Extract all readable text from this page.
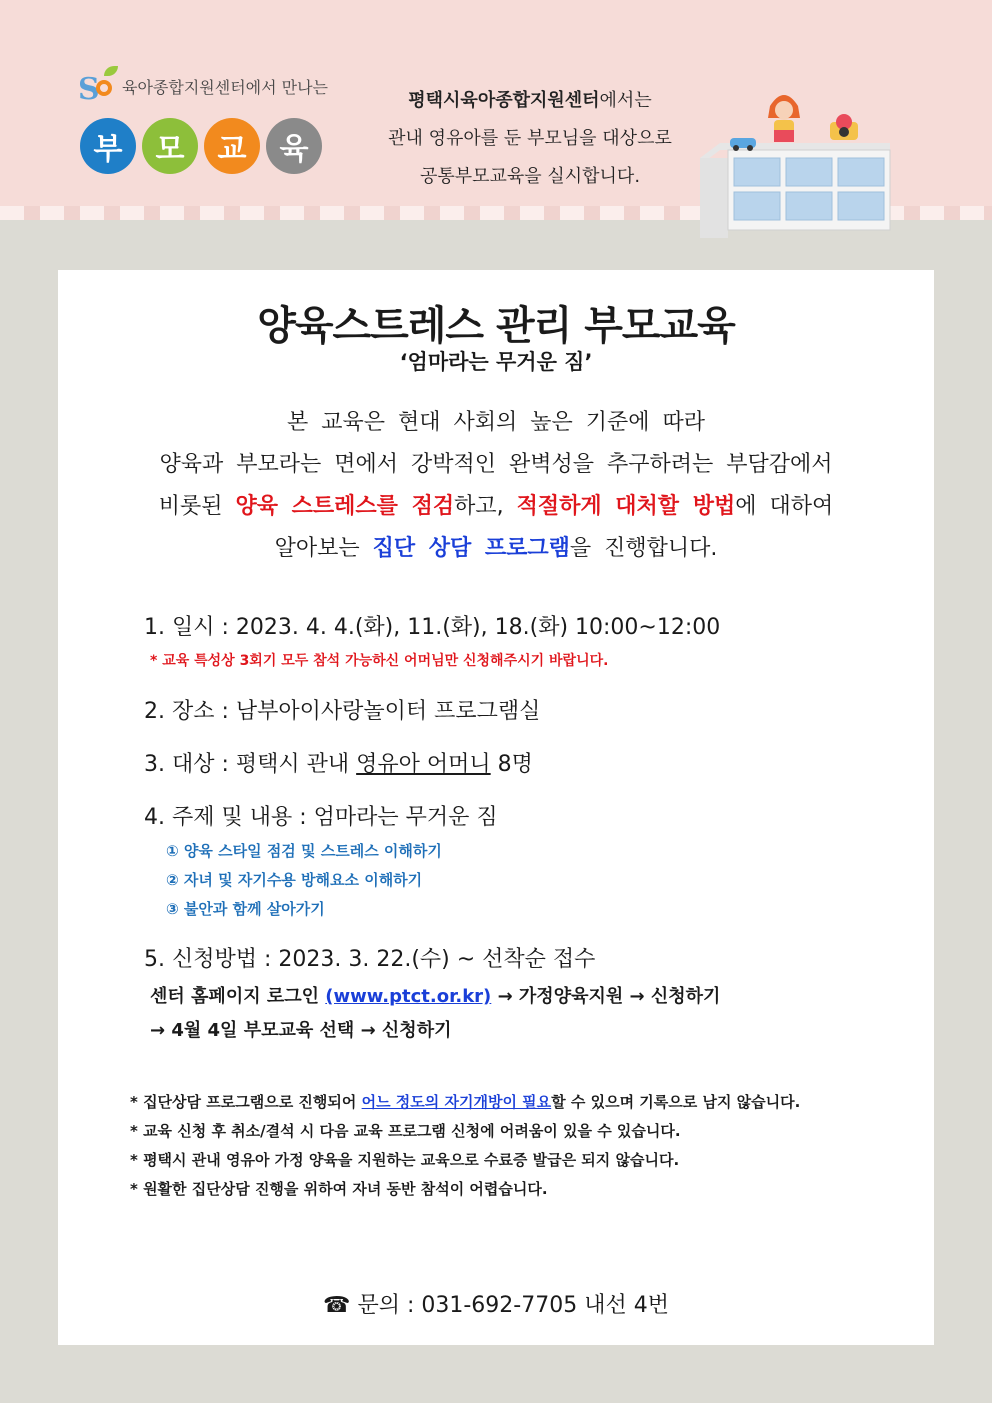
S 육아종합지원센터에서 만나는
부	모	교	육
평택시육아종합지원센터에서는
관내 영유아를 둔 부모님을 대상으로
공통부모교육을 실시합니다.
양육스트레스 관리 부모교육
‘엄마라는 무거운 짐’
본 교육은 현대 사회의 높은 기준에 따라
양육과 부모라는 면에서 강박적인 완벽성을 추구하려는 부담감에서
비롯된 양육 스트레스를 점검하고, 적절하게 대처할 방법에 대하여
알아보는 집단 상담 프로그램을 진행합니다.
1. 일시 : 2023. 4. 4.(화), 11.(화), 18.(화) 10:00~12:00
* 교육 특성상 3회기 모두 참석 가능하신 어머님만 신청해주시기 바랍니다.
2. 장소 : 남부아이사랑놀이터 프로그램실
3. 대상 : 평택시 관내 영유아 어머니 8명
4. 주제 및 내용 : 엄마라는 무거운 짐
① 양육 스타일 점검 및 스트레스 이해하기
② 자녀 및 자기수용 방해요소 이해하기
③ 불안과 함께 살아가기
5. 신청방법 : 2023. 3. 22.(수) ~ 선착순 접수
센터 홈페이지 로그인 (www.ptct.or.kr) → 가정양육지원 → 신청하기
→ 4월 4일 부모교육 선택 → 신청하기
* 집단상담 프로그램으로 진행되어 어느 정도의 자기개방이 필요할 수 있으며 기록으로 남지 않습니다.
* 교육 신청 후 취소/결석 시 다음 교육 프로그램 신청에 어려움이 있을 수 있습니다.
* 평택시 관내 영유아 가정 양육을 지원하는 교육으로 수료증 발급은 되지 않습니다.
* 원활한 집단상담 진행을 위하여 자녀 동반 참석이 어렵습니다.
☎ 문의 : 031-692-7705 내선 4번
